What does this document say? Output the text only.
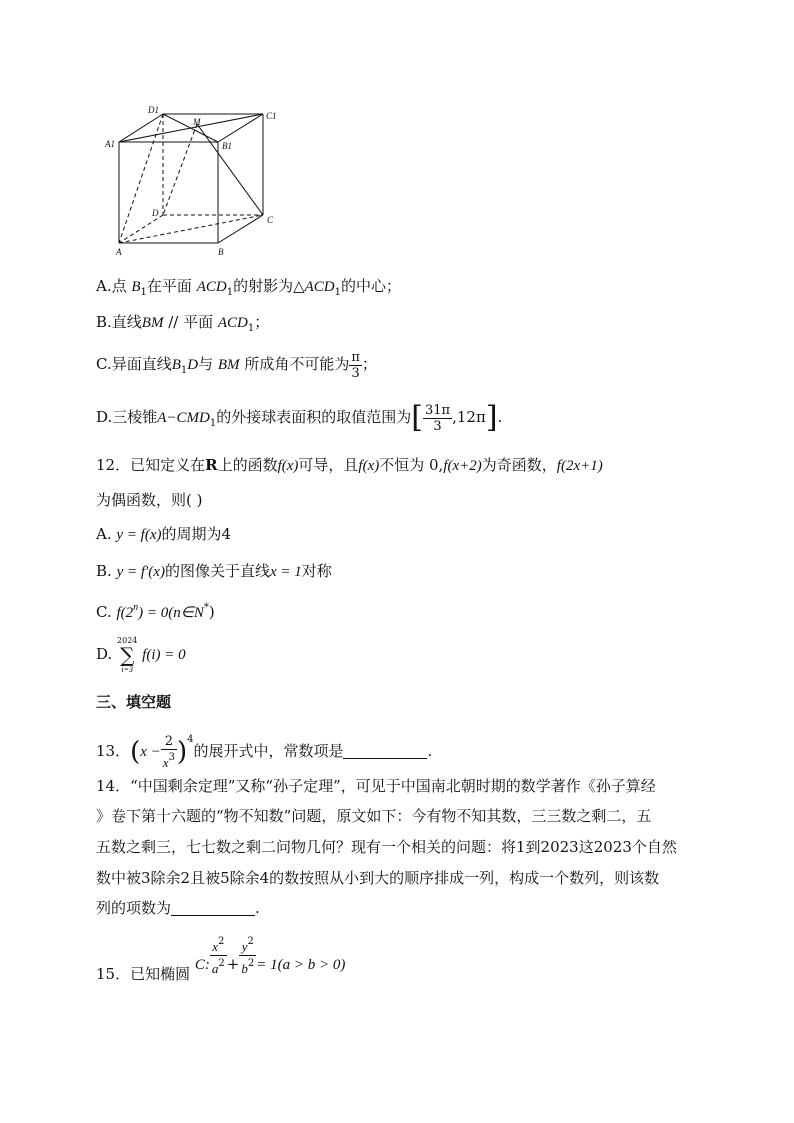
D1
M
C1
A1	B1
D
C
A	B
A.点 $B_1$在平面 $ACD_1$的射影为$\triangle ACD_1$的中心；
B.直线BM // 平面 $ACD_1$；
C.异面直线$B_1D$与 BM 所成角不可能为 $\frac{\pi}{3}$ ；
D.三棱锥$A-CMD_1$的外接球表面积的取值范围为[ $\frac{31\pi}{3} ,12\pi$].
12．已知定义在R上的函数f(x)可导，且f(x)不恒为 0,f(x+2)为奇函数，f(2x+1)
为偶函数，则( )
A. y = f(x)的周期为4
B. y = f′(x)的图像关于直线x = 1对称
C. $f(2^n)$ = 0(n∈N*)
D.
2024
∑
i=3
f(i) = 0
三、填空题
13．$(x - \frac{2}{x^3} )^4$的展开式中，常数项是	.
14．“中国剩余定理”又称“孙子定理”，可见于中国南北朝时期的数学著作《孙子算经
》卷下第十六题的“物不知数”问题，原文如下：今有物不知其数，三三数之剩二，五
五数之剩三，七七数之剩二问物几何？现有一个相关的问题：将1到2023这2023个自然
数中被3除余2且被5除余4的数按照从小到大的顺序排成一列，构成一个数列，则该数
列的项数为	.
15．已知椭圆 C: $\frac{x^2}{a^2} + \frac{y^2}{b^2} = 1(a > b > 0)$
